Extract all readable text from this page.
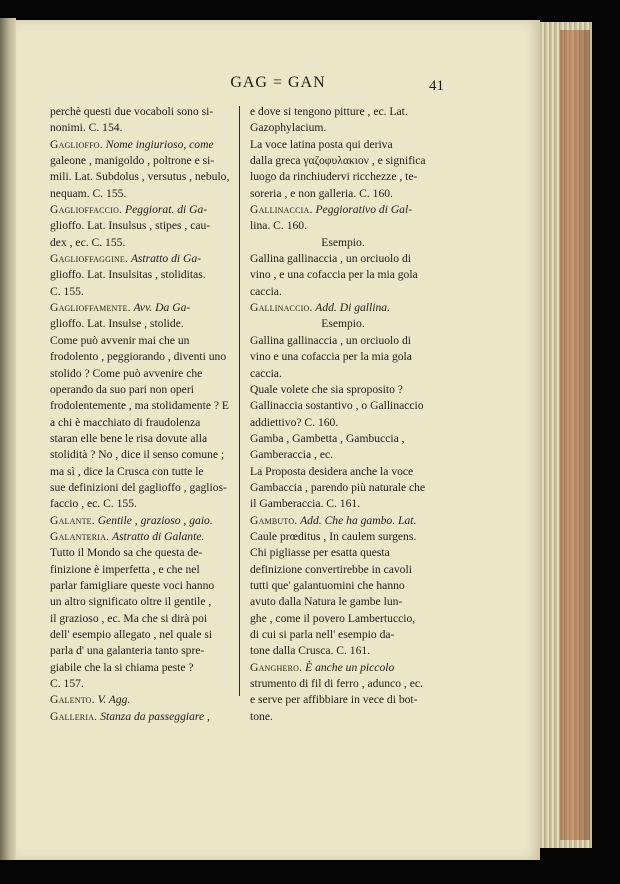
GAG = GAN	41

perchè questi due vocaboli sono si-

nonimi. C. 154.

Gaglioffo. Nome ingiurioso, come

galeone , manigoldo , poltrone e si-

mili. Lat. Subdolus , versutus , nebulo,

nequam. C. 155.

Gaglioffaccio. Peggiorat. di Ga-

glioffo. Lat. Insulsus , stipes , cau-

dex , ec. C. 155.

Gaglioffaggine. Astratto di Ga-

glioffo. Lat. Insulsitas , stoliditas.

C. 155.

Gaglioffamente. Avv. Da Ga-

glioffo. Lat. Insulse , stolide.

Come può avvenir mai che un

frodolento , peggiorando , diventi uno

stolido ? Come può avvenire che

operando da suo pari non operi

frodolentemente , ma stolidamente ? E

a chi è macchiato di fraudolenza

staran elle bene le risa dovute alla

stolidità ? No , dice il senso comune ;

ma sì , dice la Crusca con tutte le

sue definizioni del gaglioffo , gaglios-

faccio , ec. C. 155.

Galante. Gentile , grazioso , gaio.

Galanteria. Astratto di Galante.

Tutto il Mondo sa che questa de-

finizione è imperfetta , e che nel

parlar famigliare queste voci hanno

un altro significato oltre il gentile ,

il grazioso , ec. Ma che si dirà poi

dell' esempio allegato , nel quale si

parla d' una galanteria tanto spre-

giabile che la si chiama peste ?

C. 157.

Galento. V. Agg.

Galleria. Stanza da passeggiare ,

e dove si tengono pitture , ec. Lat.

Gazophylacium.

La voce latina posta qui deriva

dalla greca γαζοφυλακιον , e significa

luogo da rinchiudervi ricchezze , te-

soreria , e non galleria. C. 160.

Gallinaccia. Peggiorativo di Gal-

lina. C. 160.

Esempio.

Gallina gallinaccia , un orciuolo di

vino , e una cofaccia per la mia gola

caccia.

Gallinaccio. Add. Di gallina.

Esempio.

Gallina gallinaccia , un orciuolo di

vino e una cofaccia per la mia gola

caccia.

Quale volete che sia sproposito ?

Gallinaccia sostantivo , o Gallinaccio

addiettivo? C. 160.

Gamba , Gambetta , Gambuccia ,

Gamberaccia , ec.

La Proposta desidera anche la voce

Gambaccia , parendo più naturale che

il Gamberaccia. C. 161.

Gambuto. Add. Che ha gambo. Lat.

Caule prœditus , In caulem surgens.

Chi pigliasse per esatta questa

definizione convertirebbe in cavoli

tutti que' galantuomini che hanno

avuto dalla Natura le gambe lun-

ghe , come il povero Lambertuccio,

di cui si parla nell' esempio da-

tone dalla Crusca. C. 161.

Ganghero. È anche un piccolo

strumento di fil di ferro , adunco , ec.

e serve per affibbiare in vece di bot-

tone.
